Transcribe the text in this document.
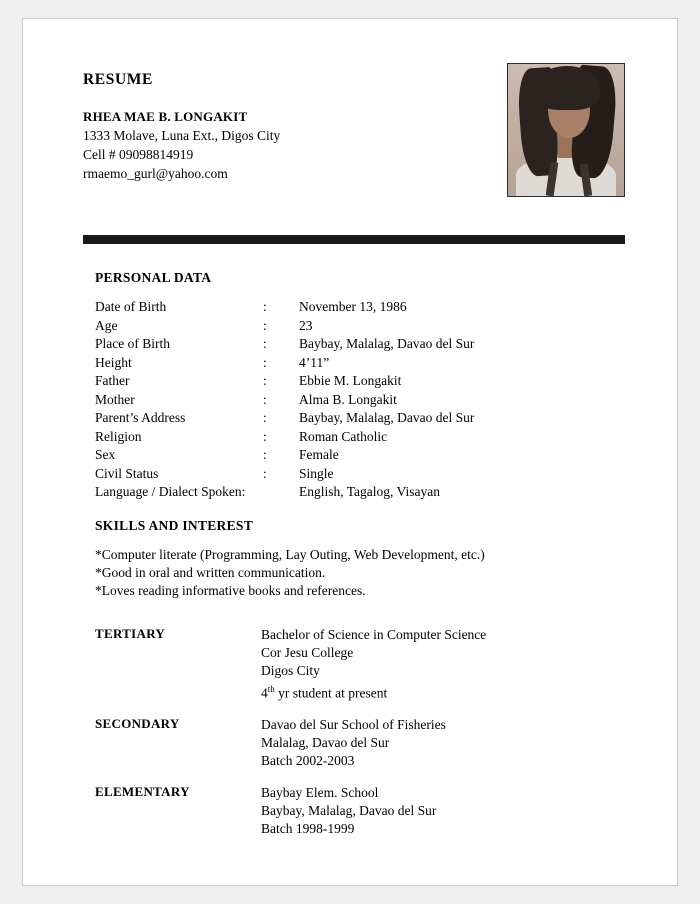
RESUME
RHEA MAE B. LONGAKIT
1333 Molave, Luna Ext., Digos City
Cell # 09098814919
rmaemo_gurl@yahoo.com
PERSONAL DATA
Date of Birth	:	November 13, 1986
Age	:	23
Place of Birth	:	Baybay, Malalag, Davao del Sur
Height	:	4’11”
Father	:	Ebbie M. Longakit
Mother	:	Alma B. Longakit
Parent’s Address	:	Baybay, Malalag, Davao del Sur
Religion	:	Roman Catholic
Sex	:	Female
Civil Status	:	Single
Language / Dialect Spoken:		English, Tagalog, Visayan
SKILLS AND INTEREST
*Computer literate (Programming, Lay Outing, Web Development, etc.)
*Good in oral and written communication.
*Loves reading informative books and references.
TERTIARY	Bachelor of Science in Computer Science
Cor Jesu College
Digos City
4th yr student at present
SECONDARY	Davao del Sur School of Fisheries
Malalag, Davao del Sur
Batch 2002-2003
ELEMENTARY	Baybay Elem. School
Baybay, Malalag, Davao del Sur
Batch 1998-1999
